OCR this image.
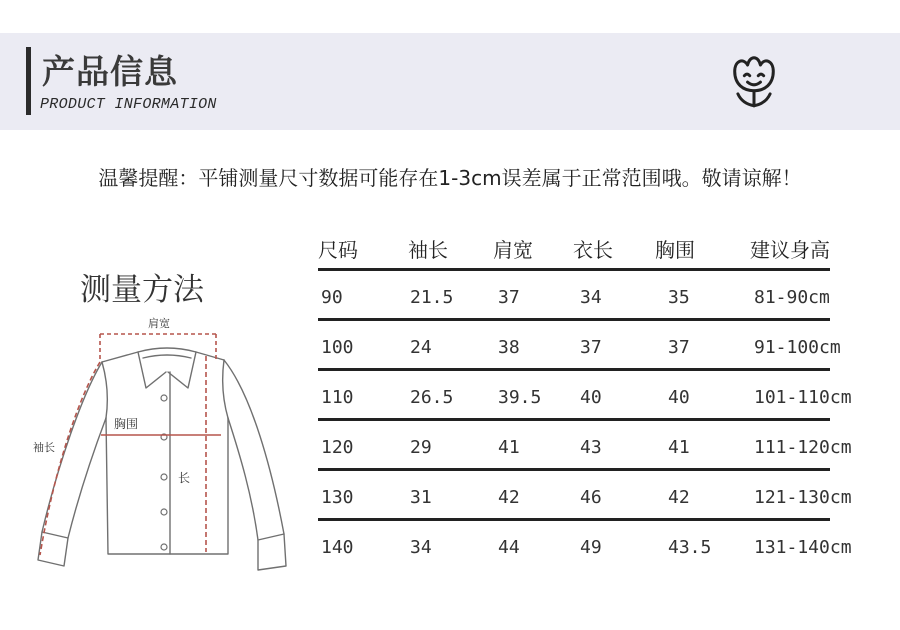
产品信息
PRODUCT INFORMATION
温馨提醒：平铺测量尺寸数据可能存在1-3cm误差属于正常范围哦。敬请谅解！
测量方法
肩宽
胸围
袖长
长
尺码	袖长	肩宽	衣长	胸围	建议身高
90	21.5	37	34	35	81-90cm
100	24	38	37	37	91-100cm
110	26.5	39.5	40	40	101-110cm
120	29	41	43	41	111-120cm
130	31	42	46	42	121-130cm
140	34	44	49	43.5	131-140cm
